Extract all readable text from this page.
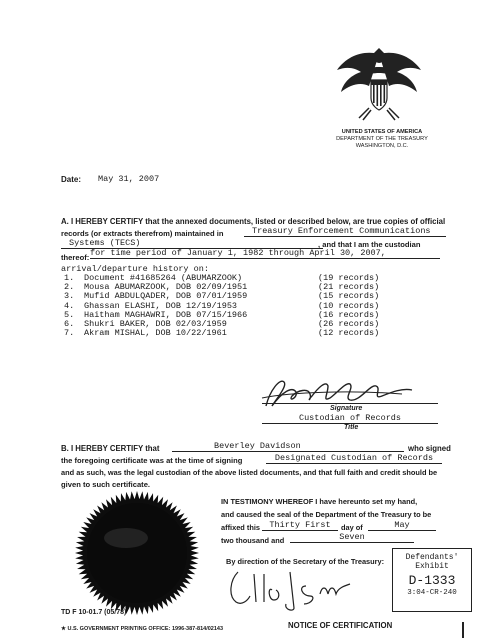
UNITED STATES OF AMERICA
DEPARTMENT OF THE TREASURY
WASHINGTON, D.C.
Date: May 31, 2007
A. I HEREBY CERTIFY that the annexed documents, listed or described below, are true copies of official
records (or extracts therefrom) maintained in	Treasury Enforcement Communications
Systems (TECS)	, and that I am the custodian
thereof: for time period of January 1, 1982 through April 30, 2007,
arrival/departure history on:
1. Document #41685264 (ABUMARZOOK)	(19 records)
2. Mousa ABUMARZOOK, DOB 02/09/1951	(21 records)
3. Mufid ABDULQADER, DOB 07/01/1959	(15 records)
4. Ghassan ELASHI, DOB 12/19/1953	(10 records)
5. Haitham MAGHAWRI, DOB 07/15/1966	(16 records)
6. Shukri BAKER, DOB 02/03/1959	(26 records)
7. Akram MISHAL, DOB 10/22/1961	(12 records)
Signature
Custodian of Records
Title
B. I HEREBY CERTIFY that	Beverley Davidson	who signed
the foregoing certificate was at the time of signing	Designated Custodian of Records
and as such, was the legal custodian of the above listed documents, and that full faith and credit should be
given to such certificate.
IN TESTIMONY WHEREOF I have hereunto set my hand,
and caused the seal of the Department of the Treasury to be
affixed this	Thirty First	day of	May
two thousand and	Seven
By direction of the Secretary of the Treasury:	Defendants'
Exhibit
D-1333
3:04-CR-240
TD F 10-01.7 (05/78)
★ U.S. GOVERNMENT PRINTING OFFICE: 1996-387-814/02143	NOTICE OF CERTIFICATION
